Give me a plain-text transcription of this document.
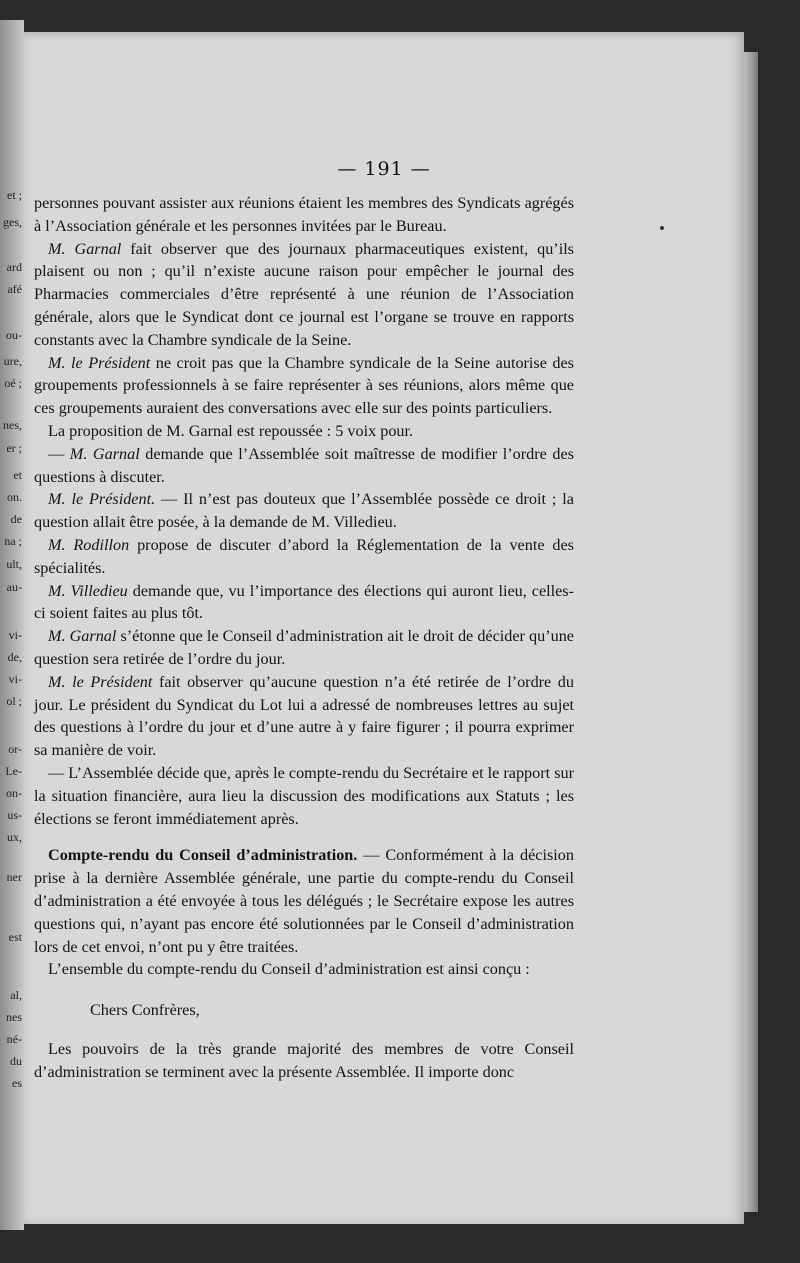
et ;
ges,
ard
afé
ou-
ure,
oé ;
nes,
er ;
et
on.
de
na ;
ult,
au-
vi-
de,
vi-
ol ;
or-
Le-
on-
us-
ux,
ner
est
al,
nes
né-
du
es
— 191 —

personnes pouvant assister aux réunions étaient les membres des Syndicats agrégés à l’Association générale et les personnes invitées par le Bureau.

M. Garnal fait observer que des journaux pharmaceutiques existent, qu’ils plaisent ou non ; qu’il n’existe aucune raison pour empêcher le journal des Pharmacies commerciales d’être représenté à une réunion de l’Association générale, alors que le Syndicat dont ce journal est l’organe se trouve en rapports constants avec la Chambre syndicale de la Seine.

M. le Président ne croit pas que la Chambre syndicale de la Seine autorise des groupements professionnels à se faire représenter à ses réunions, alors même que ces groupements auraient des conversations avec elle sur des points particuliers.

La proposition de M. Garnal est repoussée : 5 voix pour.

— M. Garnal demande que l’Assemblée soit maîtresse de modifier l’ordre des questions à discuter.

M. le Président. — Il n’est pas douteux que l’Assemblée possède ce droit ; la question allait être posée, à la demande de M. Villedieu.

M. Rodillon propose de discuter d’abord la Réglementation de la vente des spécialités.

M. Villedieu demande que, vu l’importance des élections qui auront lieu, celles-ci soient faites au plus tôt.

M. Garnal s’étonne que le Conseil d’administration ait le droit de décider qu’une question sera retirée de l’ordre du jour.

M. le Président fait observer qu’aucune question n’a été retirée de l’ordre du jour. Le président du Syndicat du Lot lui a adressé de nombreuses lettres au sujet des questions à l’ordre du jour et d’une autre à y faire figurer ; il pourra exprimer sa manière de voir.

— L’Assemblée décide que, après le compte-rendu du Secrétaire et le rapport sur la situation financière, aura lieu la discussion des modifications aux Statuts ; les élections se feront immédiatement après.

Compte-rendu du Conseil d’administration. — Conformément à la décision prise à la dernière Assemblée générale, une partie du compte-rendu du Conseil d’administration a été envoyée à tous les délégués ; le Secrétaire expose les autres questions qui, n’ayant pas encore été solutionnées par le Conseil d’administration lors de cet envoi, n’ont pu y être traitées.

L’ensemble du compte-rendu du Conseil d’administration est ainsi conçu :

Chers Confrères,

Les pouvoirs de la très grande majorité des membres de votre Conseil d’administration se terminent avec la présente Assemblée. Il importe donc
